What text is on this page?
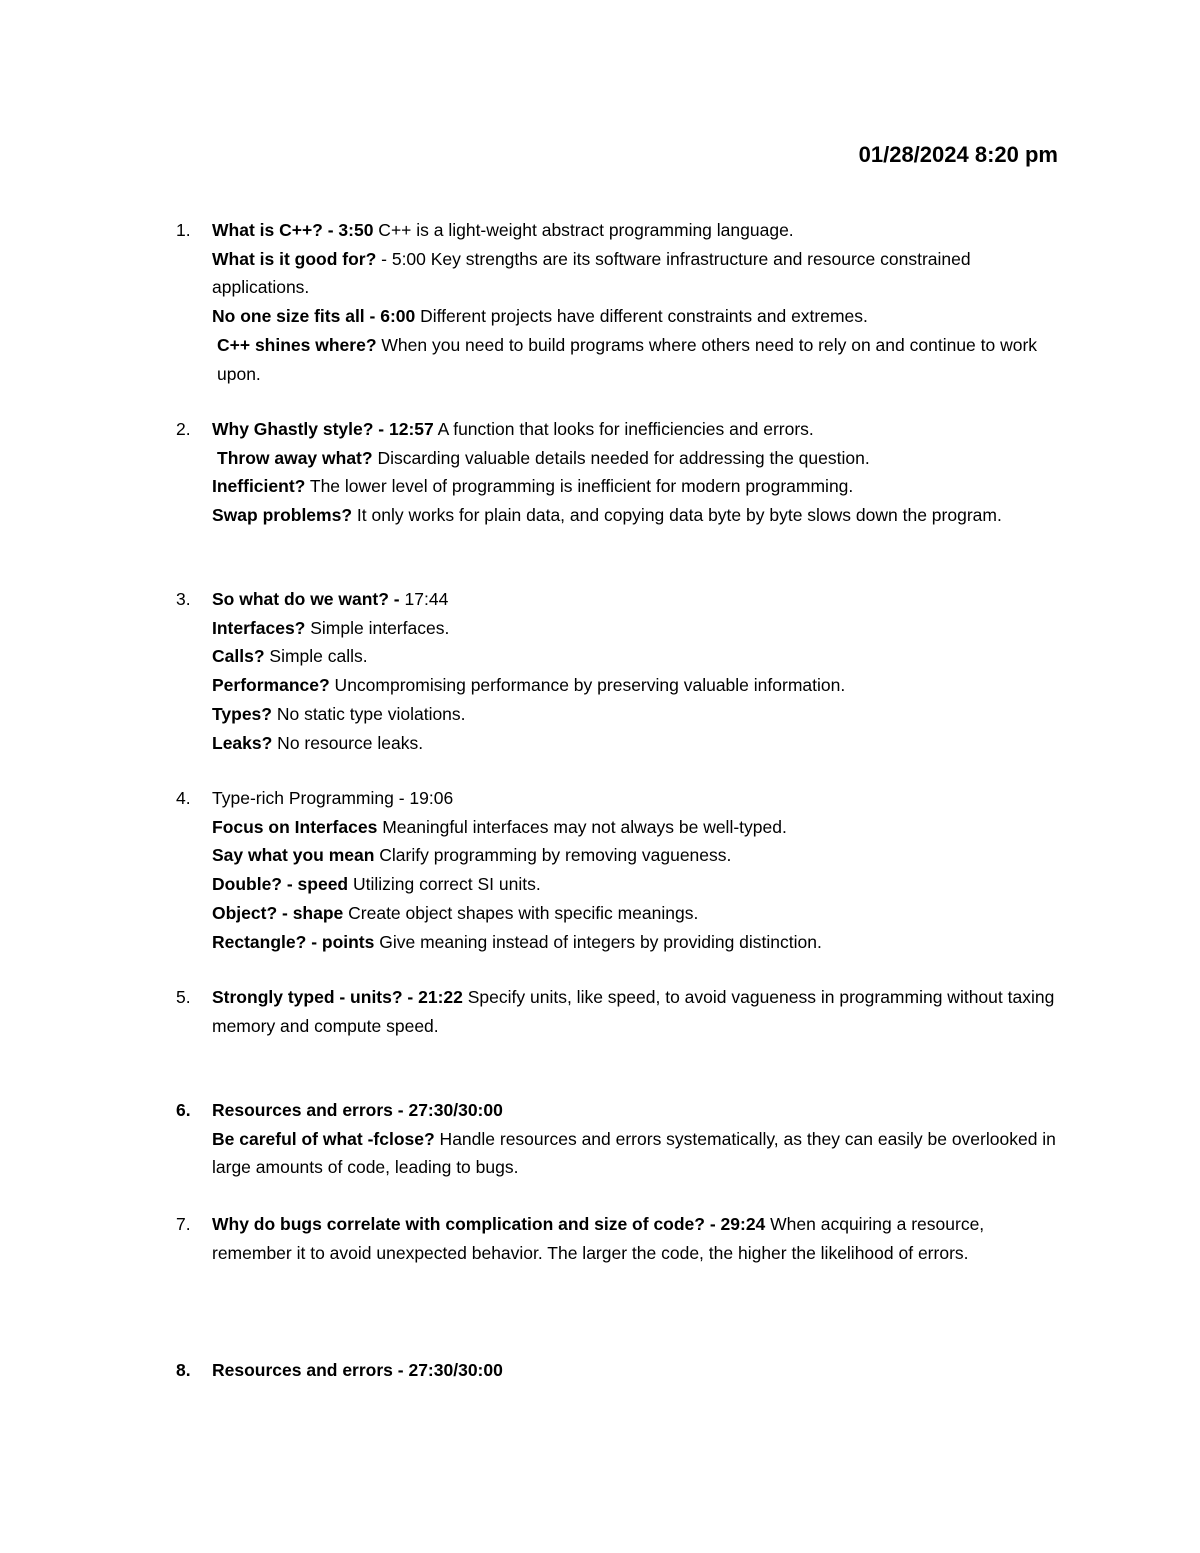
01/28/2024 8:20 pm
1.	What is C++? - 3:50 C++ is a light-weight abstract programming language.
What is it good for? - 5:00 Key strengths are its software infrastructure and resource constrained applications.
No one size fits all - 6:00 Different projects have different constraints and extremes.
C++ shines where? When you need to build programs where others need to rely on and continue to work upon.
2.	Why Ghastly style? - 12:57 A function that looks for inefficiencies and errors.
Throw away what? Discarding valuable details needed for addressing the question.
Inefficient? The lower level of programming is inefficient for modern programming.
Swap problems? It only works for plain data, and copying data byte by byte slows down the program.
3.	So what do we want? - 17:44
Interfaces? Simple interfaces.
Calls? Simple calls.
Performance? Uncompromising performance by preserving valuable information.
Types? No static type violations.
Leaks? No resource leaks.
4.	Type-rich Programming - 19:06
Focus on Interfaces Meaningful interfaces may not always be well-typed.
Say what you mean Clarify programming by removing vagueness.
Double? - speed Utilizing correct SI units.
Object? - shape Create object shapes with specific meanings.
Rectangle? - points Give meaning instead of integers by providing distinction.
5.	Strongly typed - units? - 21:22 Specify units, like speed, to avoid vagueness in programming without taxing memory and compute speed.
6.	Resources and errors - 27:30/30:00
Be careful of what -fclose? Handle resources and errors systematically, as they can easily be overlooked in large amounts of code, leading to bugs.
7.	Why do bugs correlate with complication and size of code? - 29:24 When acquiring a resource, remember it to avoid unexpected behavior. The larger the code, the higher the likelihood of errors.
8.	Resources and errors - 27:30/30:00
